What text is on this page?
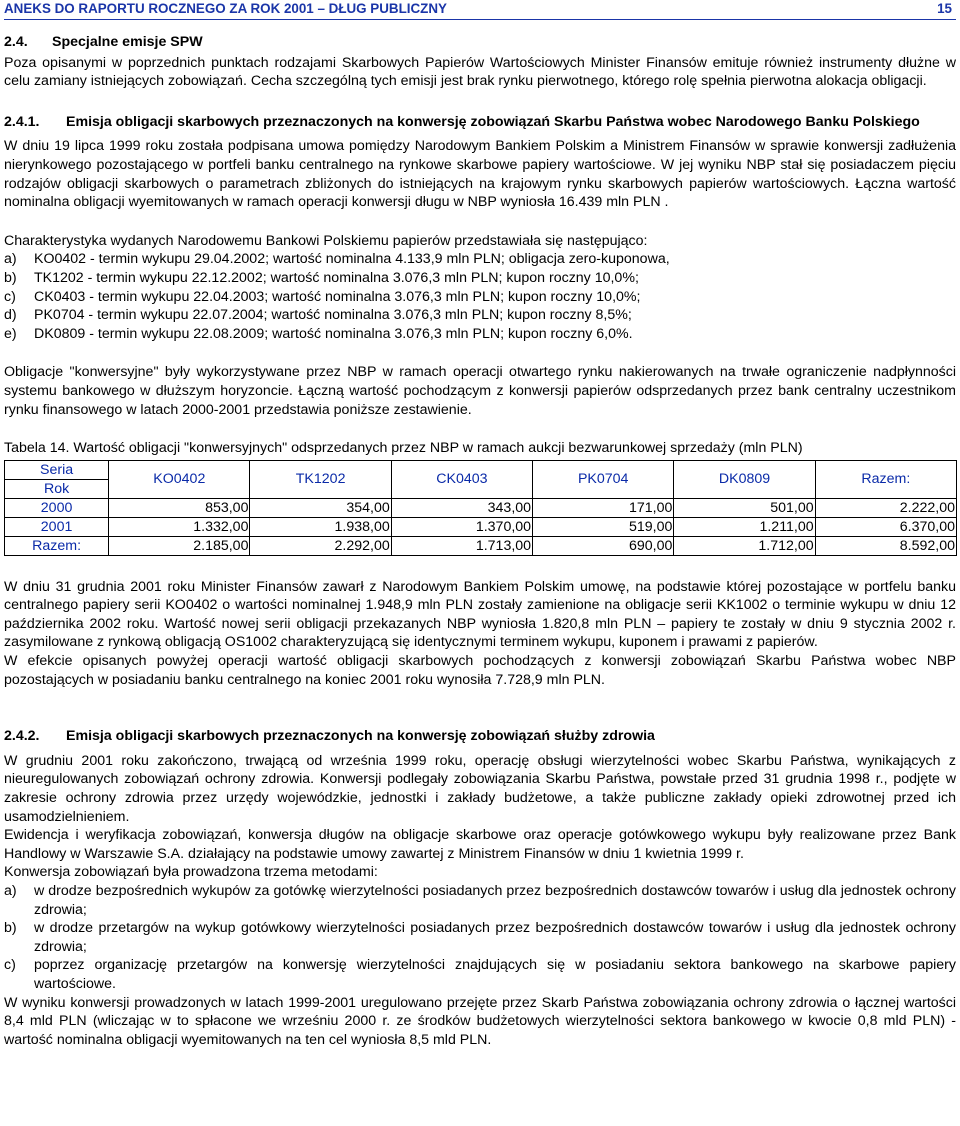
ANEKS DO RAPORTU ROCZNEGO ZA ROK 2001 – DŁUG PUBLICZNY	15
2.4.	Specjalne emisje SPW

Poza opisanymi w poprzednich punktach rodzajami Skarbowych Papierów Wartościowych Minister Finansów emituje również instrumenty dłużne w celu zamiany istniejących zobowiązań. Cecha szczególną tych emisji jest brak rynku pierwotnego, którego rolę spełnia pierwotna alokacja obligacji.

2.4.1.	Emisja obligacji skarbowych przeznaczonych na konwersję zobowiązań Skarbu Państwa wobec Narodowego Banku Polskiego

W dniu 19 lipca 1999 roku została podpisana umowa pomiędzy Narodowym Bankiem Polskim a Ministrem Finansów w sprawie konwersji zadłużenia nierynkowego pozostającego w portfeli banku centralnego na rynkowe skarbowe papiery wartościowe. W jej wyniku NBP stał się posiadaczem pięciu rodzajów obligacji skarbowych o parametrach zbliżonych do istniejących na krajowym rynku skarbowych papierów wartościowych. Łączna wartość nominalna obligacji wyemitowanych w ramach operacji konwersji długu w NBP wyniosła 16.439 mln PLN .

Charakterystyka wydanych Narodowemu Bankowi Polskiemu papierów przedstawiała się następująco:

a)	KO0402 - termin wykupu 29.04.2002; wartość nominalna 4.133,9 mln PLN; obligacja zero-kuponowa,
b)	TK1202 - termin wykupu 22.12.2002; wartość nominalna 3.076,3 mln PLN; kupon roczny 10,0%;
c)	CK0403 - termin wykupu 22.04.2003; wartość nominalna 3.076,3 mln PLN; kupon roczny 10,0%;
d)	PK0704 - termin wykupu 22.07.2004; wartość nominalna 3.076,3 mln PLN; kupon roczny 8,5%;
e)	DK0809 - termin wykupu 22.08.2009; wartość nominalna 3.076,3 mln PLN; kupon roczny 6,0%.

Obligacje "konwersyjne" były wykorzystywane przez NBP w ramach operacji otwartego rynku nakierowanych na trwałe ograniczenie nadpłynności systemu bankowego w dłuższym horyzoncie. Łączną wartość pochodzącym z konwersji papierów odsprzedanych przez bank centralny uczestnikom rynku finansowego w latach 2000-2001 przedstawia poniższe zestawienie.

Tabela 14. Wartość obligacji "konwersyjnych" odsprzedanych przez NBP w ramach aukcji bezwarunkowej sprzedaży (mln PLN)

Seria
Rok	KO0402	TK1202	CK0403	PK0704	DK0809	Razem:
2000	853,00	354,00	343,00	171,00	501,00	2.222,00
2001	1.332,00	1.938,00	1.370,00	519,00	1.211,00	6.370,00
Razem:	2.185,00	2.292,00	1.713,00	690,00	1.712,00	8.592,00

W dniu 31 grudnia 2001 roku Minister Finansów zawarł z Narodowym Bankiem Polskim umowę, na podstawie której pozostające w portfelu banku centralnego papiery serii KO0402 o wartości nominalnej 1.948,9 mln PLN zostały zamienione na obligacje serii KK1002 o terminie wykupu w dniu 12 października 2002 roku. Wartość nowej serii obligacji przekazanych NBP wyniosła 1.820,8 mln PLN – papiery te zostały w dniu 9 stycznia 2002 r. zasymilowane z rynkową obligacją OS1002 charakteryzującą się identycznymi terminem wykupu, kuponem i prawami z papierów.

W efekcie opisanych powyżej operacji wartość obligacji skarbowych pochodzących z konwersji zobowiązań Skarbu Państwa wobec NBP pozostających w posiadaniu banku centralnego na koniec 2001 roku wynosiła 7.728,9 mln PLN.

2.4.2.	Emisja obligacji skarbowych przeznaczonych na konwersję zobowiązań służby zdrowia

W grudniu 2001 roku zakończono, trwającą od września 1999 roku, operację obsługi wierzytelności wobec Skarbu Państwa, wynikających z nieuregulowanych zobowiązań ochrony zdrowia. Konwersji podlegały zobowiązania Skarbu Państwa, powstałe przed 31 grudnia 1998 r., podjęte w zakresie ochrony zdrowia przez urzędy wojewódzkie, jednostki i zakłady budżetowe, a także publiczne zakłady opieki zdrowotnej przed ich usamodzielnieniem.

Ewidencja i weryfikacja zobowiązań, konwersja długów na obligacje skarbowe oraz operacje gotówkowego wykupu były realizowane przez Bank Handlowy w Warszawie S.A. działający na podstawie umowy zawartej z Ministrem Finansów w dniu 1 kwietnia 1999 r.

Konwersja zobowiązań była prowadzona trzema metodami:

a)	w drodze bezpośrednich wykupów za gotówkę wierzytelności posiadanych przez bezpośrednich dostawców towarów i usług dla jednostek ochrony zdrowia;
b)	w drodze przetargów na wykup gotówkowy wierzytelności posiadanych przez bezpośrednich dostawców towarów i usług dla jednostek ochrony zdrowia;
c)	poprzez organizację przetargów na konwersję wierzytelności znajdujących się w posiadaniu sektora bankowego na skarbowe papiery wartościowe.

W wyniku konwersji prowadzonych w latach 1999-2001 uregulowano przejęte przez Skarb Państwa zobowiązania ochrony zdrowia o łącznej wartości 8,4 mld PLN (wliczając w to spłacone we wrześniu 2000 r. ze środków budżetowych wierzytelności sektora bankowego w kwocie 0,8 mld PLN) - wartość nominalna obligacji wyemitowanych na ten cel wyniosła 8,5 mld PLN.
